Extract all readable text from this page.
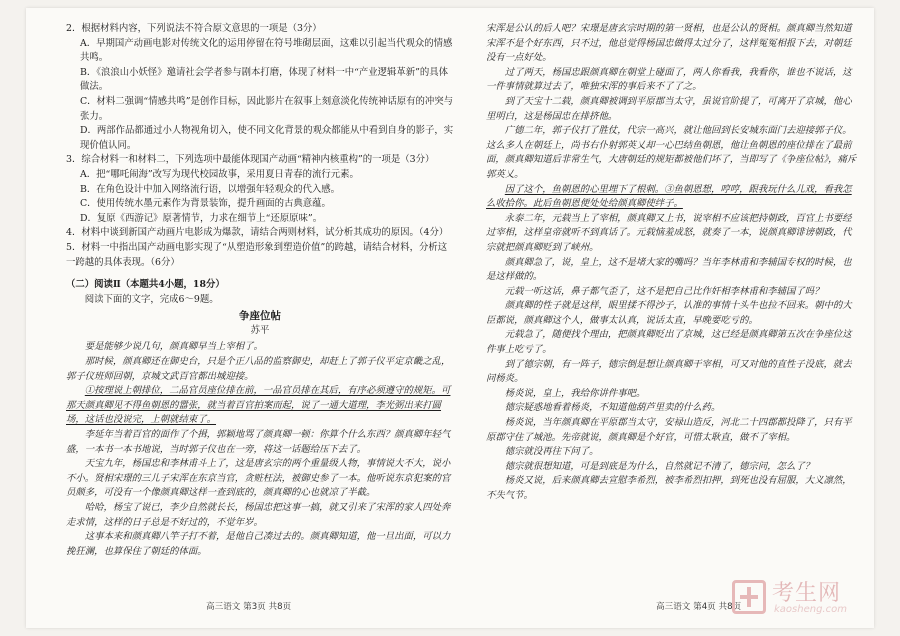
2．根据材料内容，下列说法不符合原文意思的一项是（3分）

A．早期国产动画电影对传统文化的运用停留在符号堆砌层面，这难以引起当代观众的情感共鸣。

B．《浪浪山小妖怪》邀请社会学者参与剧本打磨，体现了材料一中“产业逻辑革新”的具体做法。

C．材料二强调“情感共鸣”是创作目标，因此影片在叙事上刻意淡化传统神话原有的冲突与张力。

D．两部作品都通过小人物视角切入，使不同文化背景的观众都能从中看到自身的影子，实现价值认同。

3．综合材料一和材料二，下列选项中最能体现国产动画“精神内核重构”的一项是（3分）

A．把“哪吒闹海”改写为现代校园故事，采用夏日青春的流行元素。

B．在角色设计中加入网络流行语，以增强年轻观众的代入感。

C．使用传统水墨元素作为背景装饰，提升画面的古典意蕴。

D．复原《西游记》原著情节，力求在细节上“还原原味”。

4．材料中谈到新国产动画片电影成为爆款，请结合两则材料，试分析其成功的原因。（4分）

5．材料一中指出国产动画电影实现了“从塑造形象到塑造价值”的跨越，请结合材料，分析这一跨越的具体表现。（6分）

（二）阅读Ⅱ（本题共4小题，18分）

阅读下面的文字，完成6～9题。

争座位帖

苏平

要是能够少说几句，颜真卿早当上宰相了。

那时候，颜真卿还在御史台，只是个正八品的监察御史，却赶上了郭子仪平定京畿之乱，郭子仪班师回朝，京城文武百官都出城迎接。

①按理说上朝排位，二品官员座位排在前，一品官员排在其后，有序必须遵守的规矩。可那天颜真卿见不得鱼朝恩的嚣张，就当着百官拍案而起，说了一通大道理，李光弼出来打圆场，这话也没说完，上朝就结束了。

李延年当着百官的面作了个揖，郭颖地骂了颜真卿一顿：你算个什么东西？颜真卿年轻气盛，一本书一本书地说，当时郭子仪也在一旁，将这一话题给压下去了。

天宝九年，杨国忠和李林甫斗上了，这是唐玄宗的两个重量级人物，事情说大不大，说小不小。贤相宋璟的三儿子宋浑在东京当官，贪赃枉法，被御史参了一本。他听说东京犯案的官员颇多，可没有一个像颜真卿这样一查到底的，颜真卿的心也就凉了半截。

哈哈，杨宝了说已，李少自然就长长，杨国忠把这事一搞，就又引来了宋浑的家人四处奔走求情，这样的日子总是不好过的，不觉年岁。

这事本来和颜真卿八竿子打不着，是他自己凑过去的。颜真卿知道，他一旦出面，可以力挽狂澜，也算保住了朝廷的体面。

宋浑是公认的后人吧？宋璟是唐玄宗时期的第一贤相，也是公认的贤相。颜真卿当然知道宋浑不是个好东西，只不过，他总觉得杨国忠做得太过分了，这样冤冤相报下去，对朝廷没有一点好处。

过了两天，杨国忠跟颜真卿在朝堂上碰面了，两人你看我，我看你，谁也不说话，这一件事情就算过去了，唯独宋浑的事后来不了了之。

到了天宝十二载，颜真卿被调到平原郡当太守，虽说官阶提了，可离开了京城，他心里明白，这是杨国忠在排挤他。

广德二年，郭子仪打了胜仗，代宗一高兴，就让他回到长安城东面门去迎接郭子仪。这么多人在朝廷上，尚书右仆射郭英乂却一心巴结鱼朝恩，他让鱼朝恩的座位排在了最前面，颜真卿知道后非常生气，大唐朝廷的规矩都被他们坏了，当即写了《争座位帖》，痛斥郭英乂。

因了这个，鱼朝恩的心里埋下了根刺。③鱼朝恩想，哼哼，跟我玩什么儿戏，看我怎么收拾你。此后鱼朝恩便处处给颜真卿使绊子。

永泰二年，元载当上了宰相，颜真卿又上书，说宰相不应该把持朝政，百官上书要经过宰相，这样皇帝就听不到真话了。元载恼羞成怒，就奏了一本，说颜真卿诽谤朝政，代宗就把颜真卿贬到了峡州。

颜真卿急了，说，皇上，这不是堵大家的嘴吗？当年李林甫和李辅国专权的时候，也是这样做的。

元载一听这话，鼻子都气歪了，这不是把自己比作奸相李林甫和李辅国了吗？

颜真卿的性子就是这样，眼里揉不得沙子，认准的事情十头牛也拉不回来。朝中的大臣都说，颜真卿这个人，做事太认真，说话太直，早晚要吃亏的。

元载急了，随便找个理由，把颜真卿贬出了京城，这已经是颜真卿第五次在争座位这件事上吃亏了。

到了德宗朝，有一阵子，德宗倒是想让颜真卿干宰相，可又对他的直性子没底，就去问杨炎。

杨炎说，皇上，我给你讲件事吧。

德宗疑惑地看着杨炎，不知道他葫芦里卖的什么药。

杨炎说，当年颜真卿在平原郡当太守，安禄山造反，河北二十四郡都投降了，只有平原郡守住了城池。先帝就说，颜真卿是个好官，可惜太耿直，做不了宰相。

德宗就没再往下问了。

德宗就很想知道，可是到底是为什么，自然就记不清了，德宗问，怎么了？

杨炎又说，后来颜真卿去宣慰李希烈，被李希烈扣押，到死也没有屈服，大义凛然，不失气节。

高三语文 第3页 共8页	高三语文 第4页 共8页
考生网
kaosheng.com
